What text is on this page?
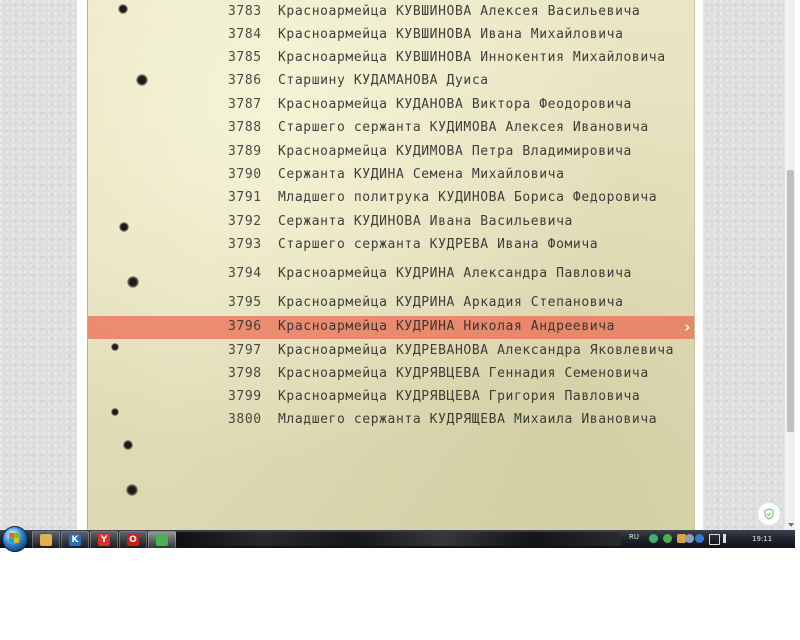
3783 Красноармейца КУВШИНОВА Алексея Васильевича
3784 Красноармейца КУВШИНОВА Ивана Михайловича
3785 Красноармейца КУВШИНОВА Иннокентия Михайловича
3786 Старшину КУДАМАНОВА Дуиса
3787 Красноармейца КУДАНОВА Виктора Феодоровича
3788 Старшего сержанта КУДИМОВА Алексея Ивановича
3789 Красноармейца КУДИМОВА Петра Владимировича
3790 Сержанта КУДИНА Семена Михайловича
3791 Младшего политрука КУДИНОВА Бориса Федоровича
3792 Сержанта КУДИНОВА Ивана Васильевича
3793 Старшего сержанта КУДРЕВА Ивана Фомича
3794 Красноармейца КУДРИНА Александра Павловича
3795 Красноармейца КУДРИНА Аркадия Степановича
3796 Красноармейца КУДРИНА Николая Андреевича	›
3797 Красноармейца КУДРЕВАНОВА Александра Яковлевича
3798 Красноармейца КУДРЯВЦЕВА Геннадия Семеновича
3799 Красноармейца КУДРЯВЦЕВА Григория Павловича
3800 Младшего сержанта КУДРЯЩЕВА Михаила Ивановича
K	Y	O	RU	19:11
